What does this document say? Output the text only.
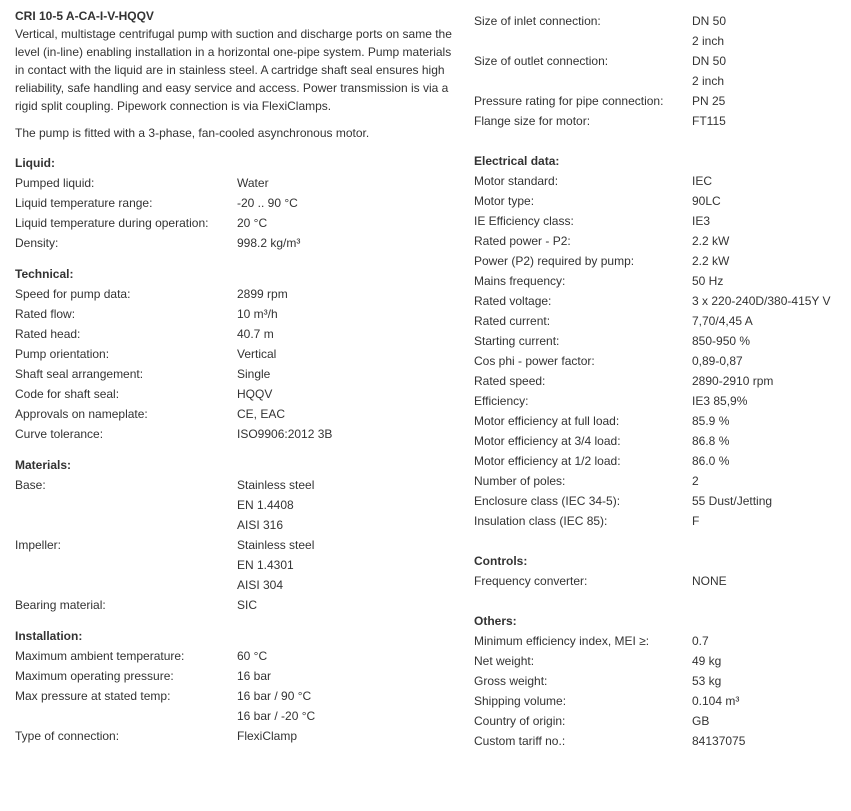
CRI 10-5 A-CA-I-V-HQQV

Vertical, multistage centrifugal pump with suction and discharge ports on same the level (in-line) enabling installation in a horizontal one-pipe system. Pump materials in contact with the liquid are in stainless steel. A cartridge shaft seal ensures high reliability, safe handling and easy service and access. Power transmission is via a rigid split coupling. Pipework connection is via FlexiClamps.

The pump is fitted with a 3-phase, fan-cooled asynchronous motor.

Liquid:
Pumped liquid:	Water
Liquid temperature range:	-20 .. 90 °C
Liquid temperature during operation:	20 °C
Density:	998.2 kg/m³
Technical:
Speed for pump data:	2899 rpm
Rated flow:	10 m³/h
Rated head:	40.7 m
Pump orientation:	Vertical
Shaft seal arrangement:	Single
Code for shaft seal:	HQQV
Approvals on nameplate:	CE, EAC
Curve tolerance:	ISO9906:2012 3B
Materials:
Base:	Stainless steel
EN 1.4408
AISI 316
Impeller:	Stainless steel
EN 1.4301
AISI 304
Bearing material:	SIC
Installation:
Maximum ambient temperature:	60 °C
Maximum operating pressure:	16 bar
Max pressure at stated temp:	16 bar / 90 °C
16 bar / -20 °C
Type of connection:	FlexiClamp
Size of inlet connection:	DN 50
2 inch
Size of outlet connection:	DN 50
2 inch
Pressure rating for pipe connection:	PN 25
Flange size for motor:	FT115
Electrical data:
Motor standard:	IEC
Motor type:	90LC
IE Efficiency class:	IE3
Rated power - P2:	2.2 kW
Power (P2) required by pump:	2.2 kW
Mains frequency:	50 Hz
Rated voltage:	3 x 220-240D/380-415Y V
Rated current:	7,70/4,45 A
Starting current:	850-950 %
Cos phi - power factor:	0,89-0,87
Rated speed:	2890-2910 rpm
Efficiency:	IE3 85,9%
Motor efficiency at full load:	85.9 %
Motor efficiency at 3/4 load:	86.8 %
Motor efficiency at 1/2 load:	86.0 %
Number of poles:	2
Enclosure class (IEC 34-5):	55 Dust/Jetting
Insulation class (IEC 85):	F
Controls:
Frequency converter:	NONE
Others:
Minimum efficiency index, MEI ≥:	0.7
Net weight:	49 kg
Gross weight:	53 kg
Shipping volume:	0.104 m³
Country of origin:	GB
Custom tariff no.:	84137075
